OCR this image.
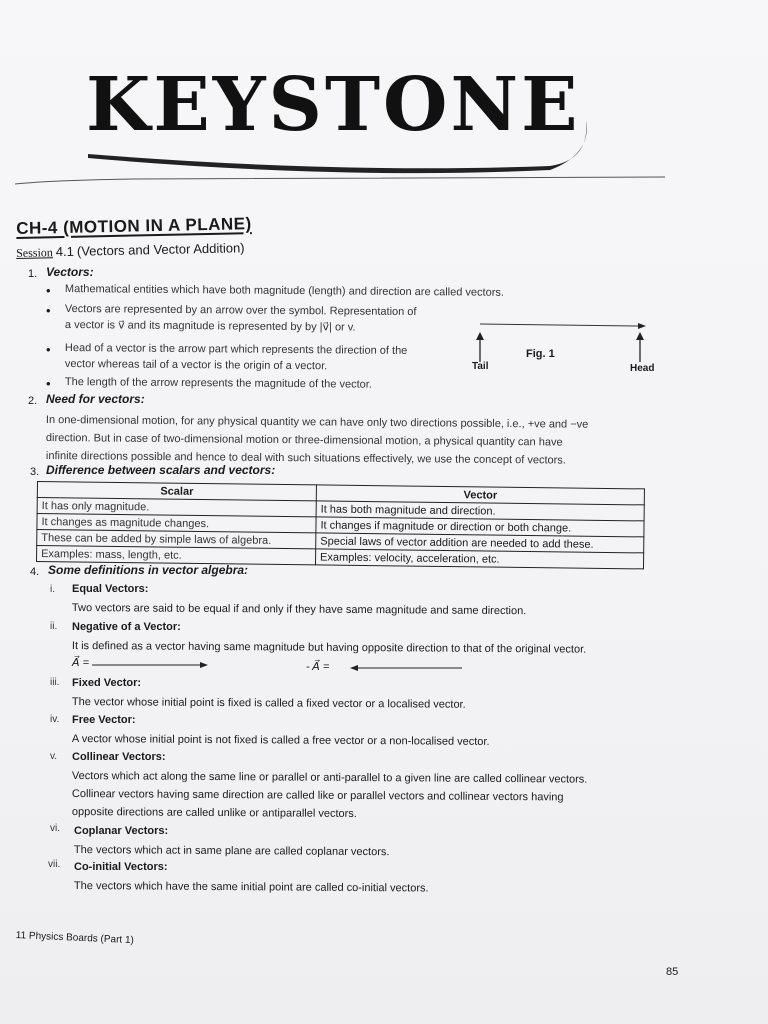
KEYSTONE
CH-4 (MOTION IN A PLANE)
Session 4.1 (Vectors and Vector Addition)
1. Vectors:
• Mathematical entities which have both magnitude (length) and direction are called vectors.
• Vectors are represented by an arrow over the symbol. Representation of
a vector is v⃗ and its magnitude is represented by by |v⃗| or v.
• Head of a vector is the arrow part which represents the direction of the
vector whereas tail of a vector is the origin of a vector.
• The length of the arrow represents the magnitude of the vector.
Fig. 1
Tail	Head
2. Need for vectors:
In one-dimensional motion, for any physical quantity we can have only two directions possible, i.e., +ve and −ve
direction. But in case of two-dimensional motion or three-dimensional motion, a physical quantity can have
infinite directions possible and hence to deal with such situations effectively, we use the concept of vectors.
3. Difference between scalars and vectors:
Scalar	Vector
It has only magnitude.	It has both magnitude and direction.
It changes as magnitude changes.	It changes if magnitude or direction or both change.
These can be added by simple laws of algebra.	Special laws of vector addition are needed to add these.
Examples: mass, length, etc.	Examples: velocity, acceleration, etc.
4. Some definitions in vector algebra:
i. Equal Vectors:
Two vectors are said to be equal if and only if they have same magnitude and same direction.
ii. Negative of a Vector:
It is defined as a vector having same magnitude but having opposite direction to that of the original vector.
A⃗ =	- A⃗ =
iii. Fixed Vector:
The vector whose initial point is fixed is called a fixed vector or a localised vector.
iv. Free Vector:
A vector whose initial point is not fixed is called a free vector or a non-localised vector.
v. Collinear Vectors:
Vectors which act along the same line or parallel or anti-parallel to a given line are called collinear vectors.
Collinear vectors having same direction are called like or parallel vectors and collinear vectors having
opposite directions are called unlike or antiparallel vectors.
vi. Coplanar Vectors:
The vectors which act in same plane are called coplanar vectors.
vii. Co-initial Vectors:
The vectors which have the same initial point are called co-initial vectors.
11 Physics Boards (Part 1)
85
